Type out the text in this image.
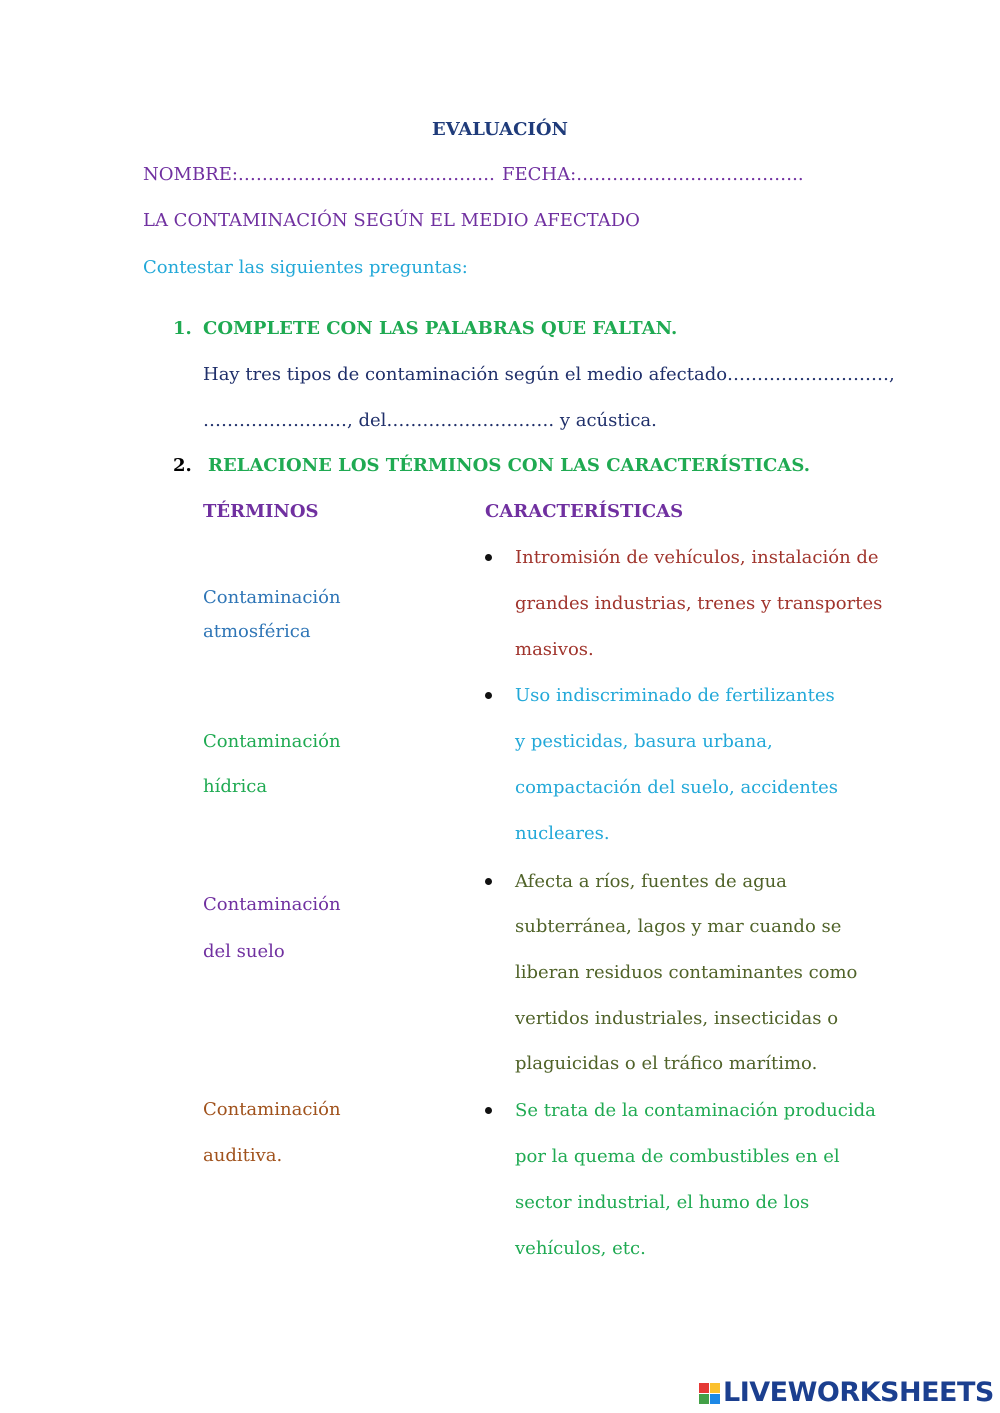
EVALUACIÓN
NOMBRE:…………………………...………. FECHA:………………………………..
LA CONTAMINACIÓN SEGÚN EL MEDIO AFECTADO
Contestar las siguientes preguntas:
1. COMPLETE CON LAS PALABRAS QUE FALTAN.
Hay tres tipos de contaminación según el medio afectado………………………,
……………………, del………………………. y acústica.
2. RELACIONE LOS TÉRMINOS CON LAS CARACTERÍSTICAS.
TÉRMINOS	CARACTERÍSTICAS
Contaminación
atmosférica
Contaminación
hídrica
Contaminación
del suelo
Contaminación
auditiva.
Intromisión de vehículos, instalación de
grandes industrias, trenes y transportes
masivos.
Uso indiscriminado de fertilizantes
y pesticidas, basura urbana,
compactación del suelo, accidentes
nucleares.
Afecta a ríos, fuentes de agua
subterránea, lagos y mar cuando se
liberan residuos contaminantes como
vertidos industriales, insecticidas o
plaguicidas o el tráfico marítimo.
Se trata de la contaminación producida
por la quema de combustibles en el
sector industrial, el humo de los
vehículos, etc.
LIVEWORKSHEETS
